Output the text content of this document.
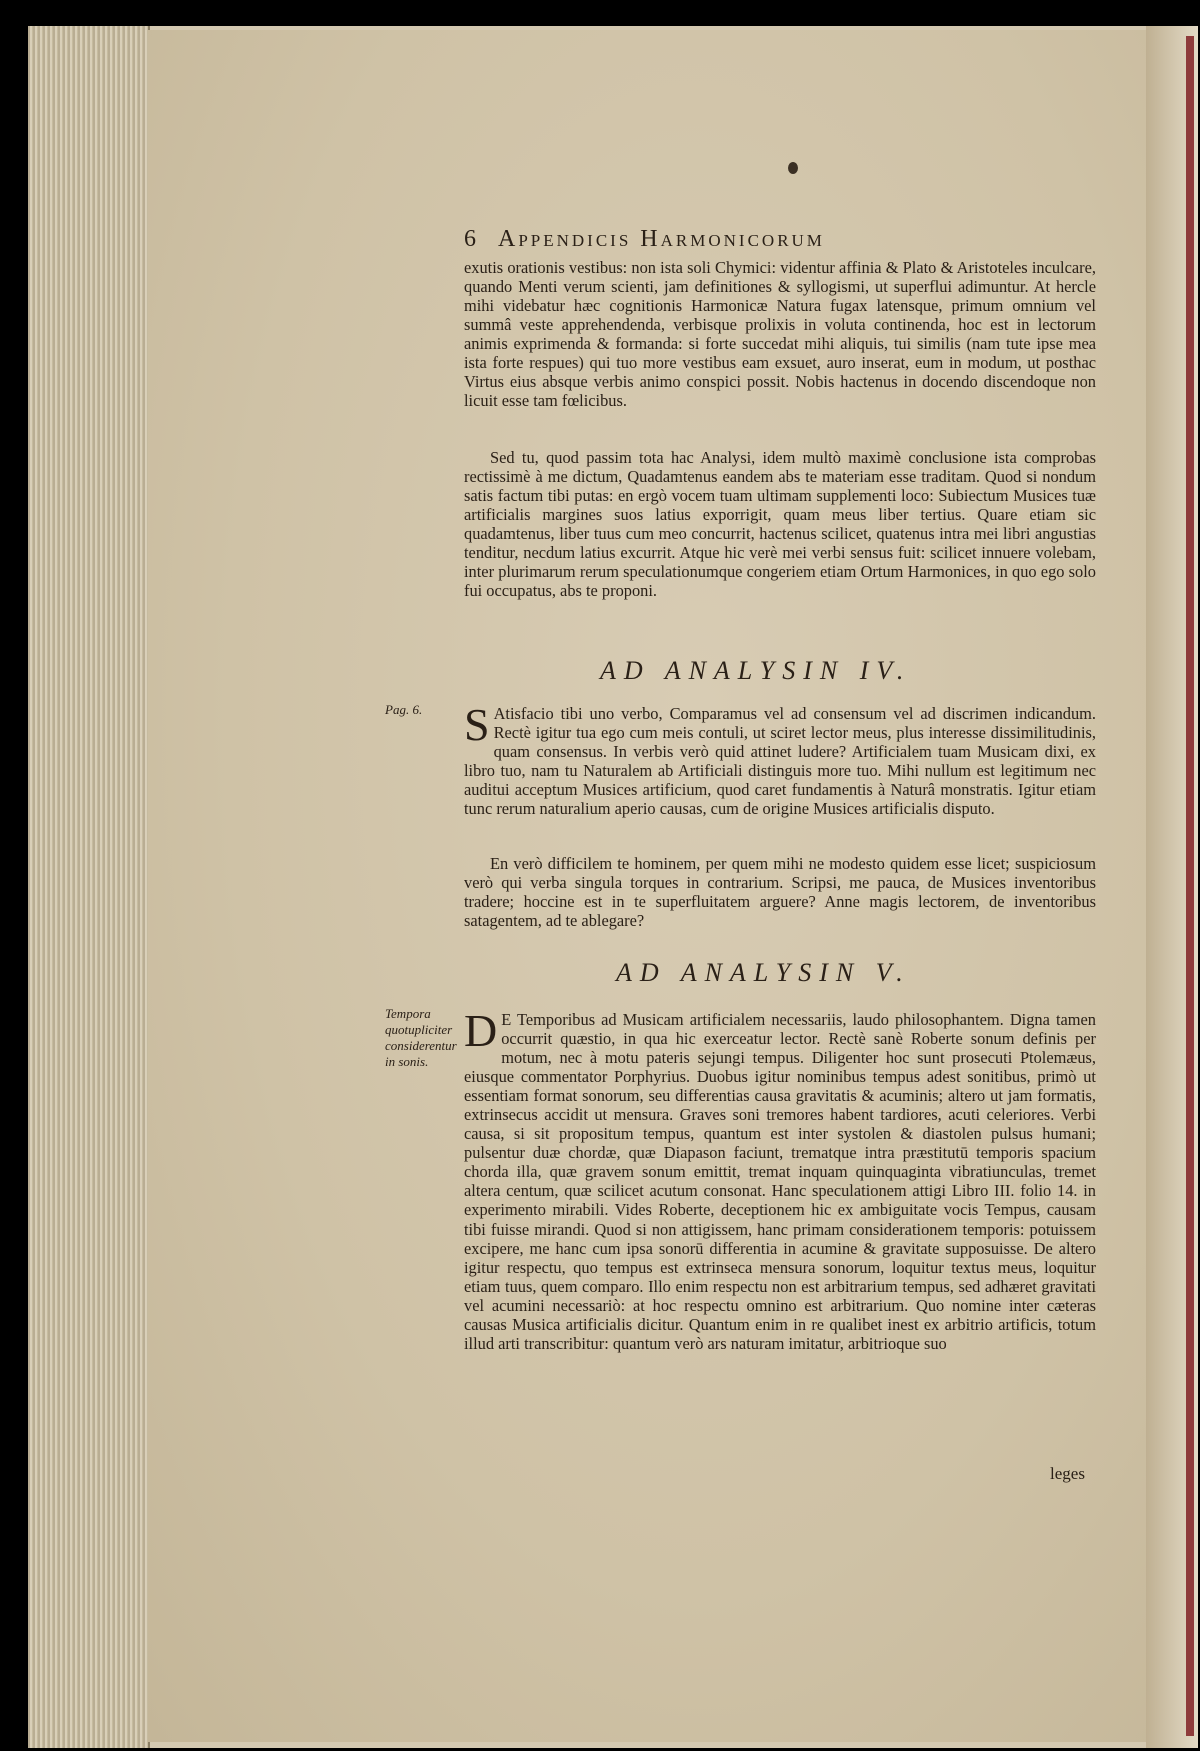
6 Appendicis Harmonicorum
exutis orationis vestibus: non ista soli Chymici: videntur affinia & Plato & Aristoteles inculcare, quando Menti verum scienti, jam definitiones & syllogismi, ut superflui adimuntur. At hercle mihi videbatur hæc cognitionis Harmonicæ Natura fugax latensque, primum omnium vel summâ veste apprehendenda, verbisque prolixis in voluta continenda, hoc est in lectorum animis exprimenda & formanda: si forte succedat mihi aliquis, tui similis (nam tute ipse mea ista forte respues) qui tuo more vestibus eam exsuet, auro inserat, eum in modum, ut posthac Virtus eius absque verbis animo conspici possit. Nobis hactenus in docendo discendoque non licuit esse tam fœlicibus.
Sed tu, quod passim tota hac Analysi, idem multò maximè conclusione ista comprobas rectissimè à me dictum, Quadamtenus eandem abs te materiam esse traditam. Quod si nondum satis factum tibi putas: en ergò vocem tuam ultimam supplementi loco: Subiectum Musices tuæ artificialis margines suos latius exporrigit, quam meus liber tertius. Quare etiam sic quadamtenus, liber tuus cum meo concurrit, hactenus scilicet, quatenus intra mei libri angustias tenditur, necdum latius excurrit. Atque hic verè mei verbi sensus fuit: scilicet innuere volebam, inter plurimarum rerum speculationumque congeriem etiam Ortum Harmonices, in quo ego solo fui occupatus, abs te proponi.
AD ANALYSIN IV.
Pag. 6. S Atisfacio tibi uno verbo, Comparamus vel ad consensum vel ad discrimen indicandum. Rectè igitur tua ego cum meis contuli, ut sciret lector meus, plus interesse dissimilitudinis, quam consensus. In verbis verò quid attinet ludere? Artificialem tuam Musicam dixi, ex libro tuo, nam tu Naturalem ab Artificiali distinguis more tuo. Mihi nullum est legitimum nec auditui acceptum Musices artificium, quod caret fundamentis à Naturâ monstratis. Igitur etiam tunc rerum naturalium aperio causas, cum de origine Musices artificialis disputo.
En verò difficilem te hominem, per quem mihi ne modesto quidem esse licet; suspiciosum verò qui verba singula torques in contrarium. Scripsi, me pauca, de Musices inventoribus tradere; hoccine est in te superfluitatem arguere? Anne magis lectorem, de inventoribus satagentem, ad te ablegare?
AD ANALYSIN V.
Tempora quotupliciter considerentur in sonis.
D E Temporibus ad Musicam artificialem necessariis, laudo philosophantem. Digna tamen occurrit quæstio, in qua hic exerceatur lector. Rectè sanè Roberte sonum definis per motum, nec à motu pateris sejungi tempus. Diligenter hoc sunt prosecuti Ptolemæus, eiusque commentator Porphyrius. Duobus igitur nominibus tempus adest sonitibus, primò ut essentiam format sonorum, seu differentias causa gravitatis & acuminis; altero ut jam formatis, extrinsecus accidit ut mensura. Graves soni tremores habent tardiores, acuti celeriores. Verbi causa, si sit propositum tempus, quantum est inter systolen & diastolen pulsus humani; pulsentur duæ chordæ, quæ Diapason faciunt, trematque intra præstitutū temporis spacium chorda illa, quæ gravem sonum emittit, tremat inquam quinquaginta vibratiunculas, tremet altera centum, quæ scilicet acutum consonat. Hanc speculationem attigi Libro III. folio 14. in experimento mirabili. Vides Roberte, deceptionem hic ex ambiguitate vocis Tempus, causam tibi fuisse mirandi. Quod si non attigissem, hanc primam considerationem temporis: potuissem excipere, me hanc cum ipsa sonorū differentia in acumine & gravitate supposuisse. De altero igitur respectu, quo tempus est extrinseca mensura sonorum, loquitur textus meus, loquitur etiam tuus, quem comparo. Illo enim respectu non est arbitrarium tempus, sed adhæret gravitati vel acumini necessariò: at hoc respectu omnino est arbitrarium. Quo nomine inter cæteras causas Musica artificialis dicitur. Quantum enim in re qualibet inest ex arbitrio artificis, totum illud arti transcribitur: quantum verò ars naturam imitatur, arbitrioque suo
leges
